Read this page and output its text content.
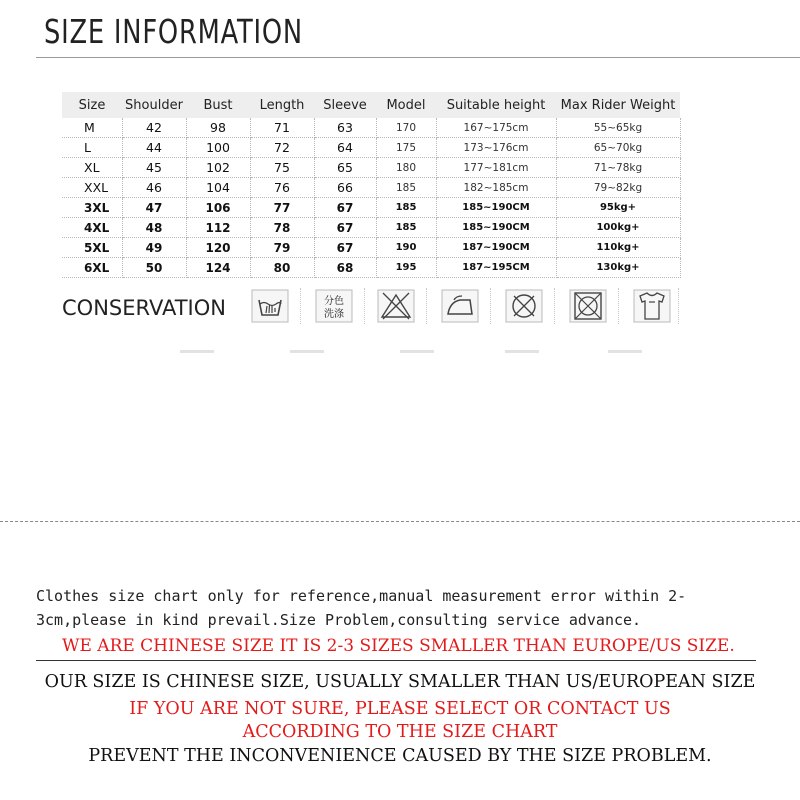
SIZE INFORMATION
Size	Shoulder	Bust	Length	Sleeve	Model	Suitable height	Max Rider Weight
M	42	98	71	63	170	167~175cm	55~65kg
L	44	100	72	64	175	173~176cm	65~70kg
XL	45	102	75	65	180	177~181cm	71~78kg
XXL	46	104	76	66	185	182~185cm	79~82kg
3XL	47	106	77	67	185	185~190CM	95kg+
4XL	48	112	78	67	185	185~190CM	100kg+
5XL	49	120	79	67	190	187~190CM	110kg+
6XL	50	124	80	68	195	187~195CM	130kg+
CONSERVATION	分色
洗涤
Clothes size chart only for reference,manual measurement error within 2-
3cm,please in kind prevail.Size Problem,consulting service advance.

WE ARE CHINESE SIZE IT IS 2-3 SIZES SMALLER THAN EUROPE/US SIZE.

OUR SIZE IS CHINESE SIZE, USUALLY SMALLER THAN US/EUROPEAN SIZE

IF YOU ARE NOT SURE, PLEASE SELECT OR CONTACT US

ACCORDING TO THE SIZE CHART

PREVENT THE INCONVENIENCE CAUSED BY THE SIZE PROBLEM.
